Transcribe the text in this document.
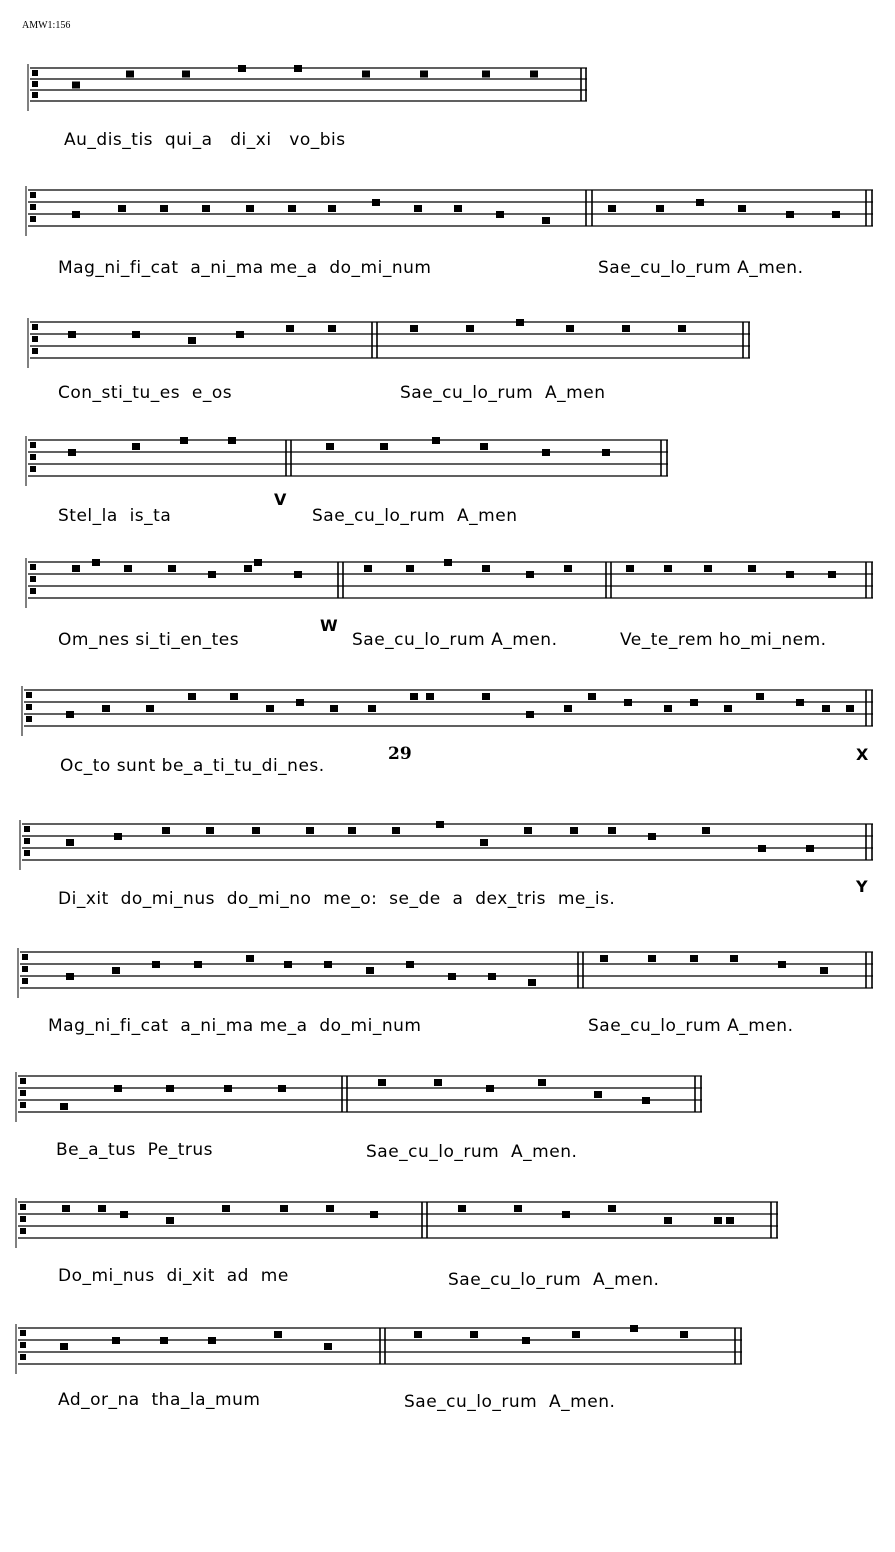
AMW1:156
Au_dis_tis  qui_a   di_xi   vo_bis
Mag_ni_fi_cat  a_ni_ma me_a  do_mi_num	Sae_cu_lo_rum A_men.
Con_sti_tu_es  e_os	Sae_cu_lo_rum  A_men
Stel_la  is_ta	Sae_cu_lo_rum  A_men
Om_nes si_ti_en_tes	Sae_cu_lo_rum A_men.	Ve_te_rem ho_mi_nem.
Oc_to sunt be_a_ti_tu_di_nes.
Di_xit  do_mi_nus  do_mi_no  me_o:  se_de  a  dex_tris  me_is.
Mag_ni_fi_cat  a_ni_ma me_a  do_mi_num	Sae_cu_lo_rum A_men.
Be_a_tus  Pe_trus	Sae_cu_lo_rum  A_men.
Do_mi_nus  di_xit  ad  me	Sae_cu_lo_rum  A_men.
Ad_or_na  tha_la_mum	Sae_cu_lo_rum  A_men.
V
W
29	X
Y
